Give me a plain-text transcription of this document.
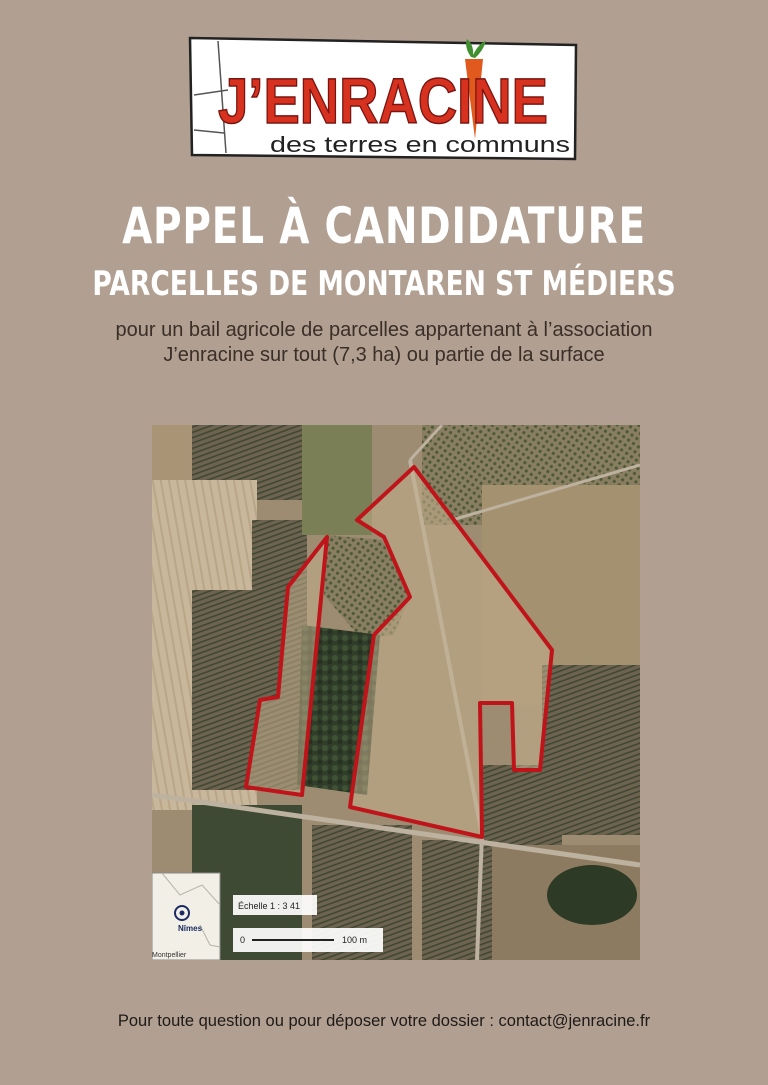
J’ENRACINE
des terres en communs
APPEL À CANDIDATURE
PARCELLES DE MONTAREN ST MÉDIERS

pour un bail agricole de parcelles appartenant à l’association J’enracine sur tout (7,3 ha) ou partie de la surface

Nîmes
Montpellier
Échelle 1 : 3 41
0	100 m

Pour toute question ou pour déposer votre dossier : contact@jenracine.fr
